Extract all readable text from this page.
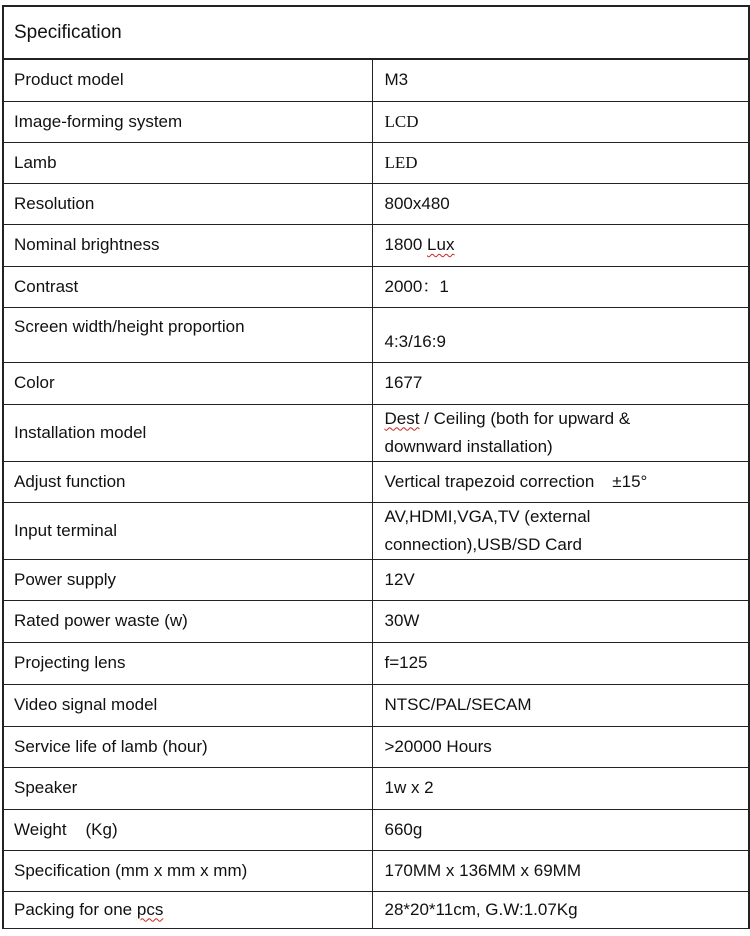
Specification
Product model	M3
Image-forming system	LCD
Lamb	LED
Resolution	800x480
Nominal brightness	1800 Lux
Contrast	2000：1
Screen width/height proportion	4:3/16:9
Color	1677
Installation model	Dest / Ceiling (both for upward &
downward installation)
Adjust function	Vertical trapezoid correction ±15°
Input terminal	AV,HDMI,VGA,TV (external
connection),USB/SD Card
Power supply	12V
Rated power waste (w)	30W
Projecting lens	f=125
Video signal model	NTSC/PAL/SECAM
Service life of lamb (hour)	>20000 Hours
Speaker	1w x 2
Weight    (Kg)	660g
Specification (mm x mm x mm)	170MM x 136MM x 69MM
Packing for one pcs	28*20*11cm, G.W:1.07Kg
